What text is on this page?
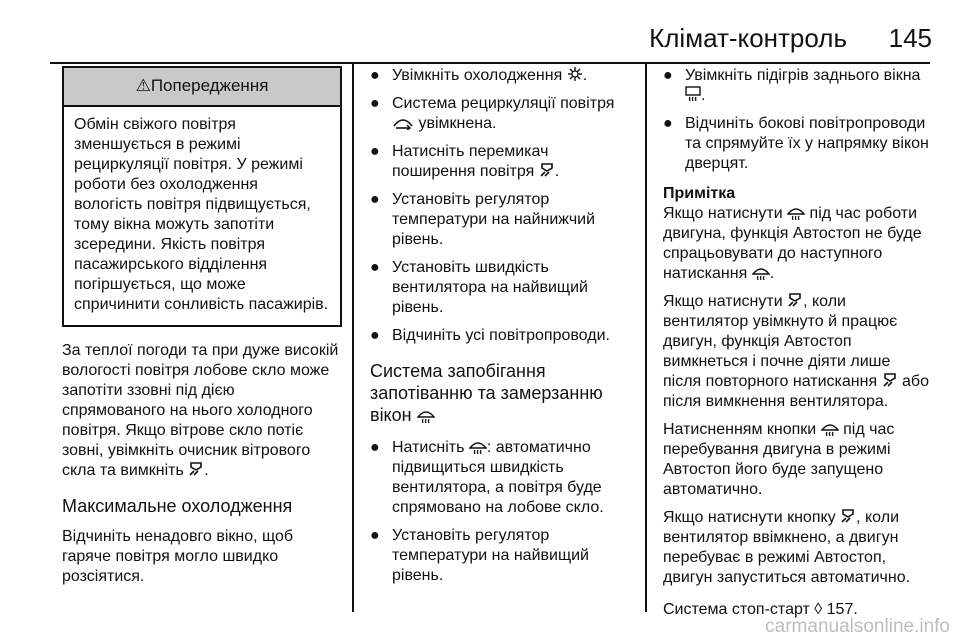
Клімат-контроль 145
⚠Попередження
Обмін свіжого повітря зменшується в режимі рециркуляції повітря. У режимі роботи без охолодження вологість повітря підвищується, тому вікна можуть запотіти зсередини. Якість повітря пасажирського відділення погіршується, що може спричинити сонливість пасажирів.

За теплої погоди та при дуже високій вологості повітря лобове скло може запотіти ззовні під дією спрямованого на нього холодного повітря. Якщо вітрове скло потіє зовні, увімкніть очисник вітрового скла та вимкніть .

Максимальне охолодження

Відчиніть ненадовго вікно, щоб гаряче повітря могло швидко розсіятися.

● Увімкніть охолодження .

● Система рециркуляції повітря

увімкнена.

● Натисніть перемикач поширення повітря .

● Установіть регулятор температури на найнижчий рівень.

● Установіть швидкість вентилятора на найвищий рівень.

● Відчиніть усі повітропроводи.

Система запобігання запотіванню та замерзанню вікон

● Натисніть : автоматично підвищиться швидкість вентилятора, а повітря буде спрямовано на лобове скло.

● Установіть регулятор температури на найвищий рівень.

● Увімкніть підігрів заднього вікна
.

● Відчиніть бокові повітропроводи та спрямуйте їх у напрямку вікон дверцят.

Примітка

Якщо натиснути під час роботи двигуна, функція Автостоп не буде спрацьовувати до наступного натискання .

Якщо натиснути , коли вентилятор увімкнуто й працює двигун, функція Автостоп вимкнеться і почне діяти лише після повторного натискання або після вимкнення вентилятора.

Натисненням кнопки під час перебування двигуна в режимі Автостоп його буде запущено автоматично.

Якщо натиснути кнопку , коли вентилятор ввімкнено, а двигун перебуває в режимі Автостоп, двигун запуститься автоматично.

Система стоп-старт ◊ 157.

carmanualsonline.info
